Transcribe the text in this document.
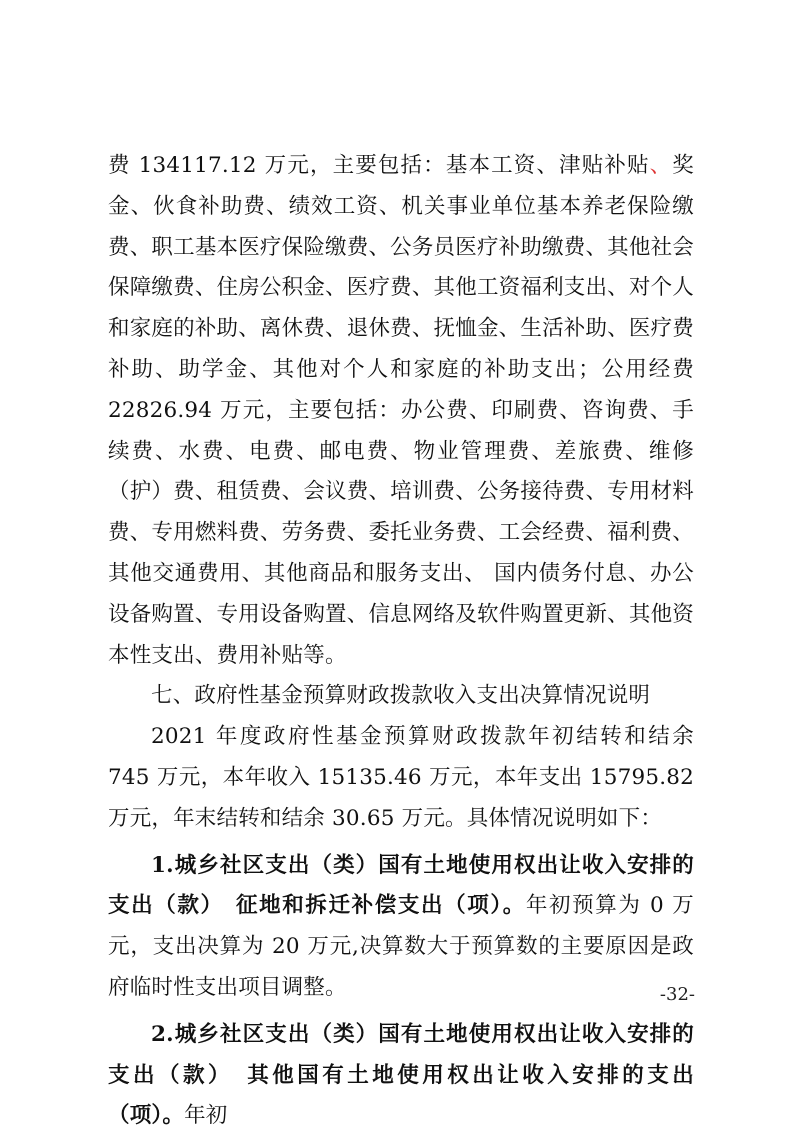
费 134117.12 万元，主要包括：基本工资、津贴补贴、奖金、伙食补助费、绩效工资、机关事业单位基本养老保险缴费、职工基本医疗保险缴费、公务员医疗补助缴费、其他社会保障缴费、住房公积金、医疗费、其他工资福利支出、对个人和家庭的补助、离休费、退休费、抚恤金、生活补助、医疗费补助、助学金、其他对个人和家庭的补助支出；公用经费 22826.94 万元，主要包括：办公费、印刷费、咨询费、手续费、水费、电费、邮电费、物业管理费、差旅费、维修（护）费、租赁费、会议费、培训费、公务接待费、专用材料费、专用燃料费、劳务费、委托业务费、工会经费、福利费、其他交通费用、其他商品和服务支出、 国内债务付息、办公设备购置、专用设备购置、信息网络及软件购置更新、其他资本性支出、费用补贴等。

七、政府性基金预算财政拨款收入支出决算情况说明

2021 年度政府性基金预算财政拨款年初结转和结余 745 万元，本年收入 15135.46 万元，本年支出 15795.82 万元，年末结转和结余 30.65 万元。具体情况说明如下：

1.城乡社区支出（类）国有土地使用权出让收入安排的支出（款）　征地和拆迁补偿支出（项）。年初预算为 0 万元，支出决算为 20 万元,决算数大于预算数的主要原因是政府临时性支出项目调整。

2.城乡社区支出（类）国有土地使用权出让收入安排的支出（款）　其他国有土地使用权出让收入安排的支出（项）。年初

-32-
